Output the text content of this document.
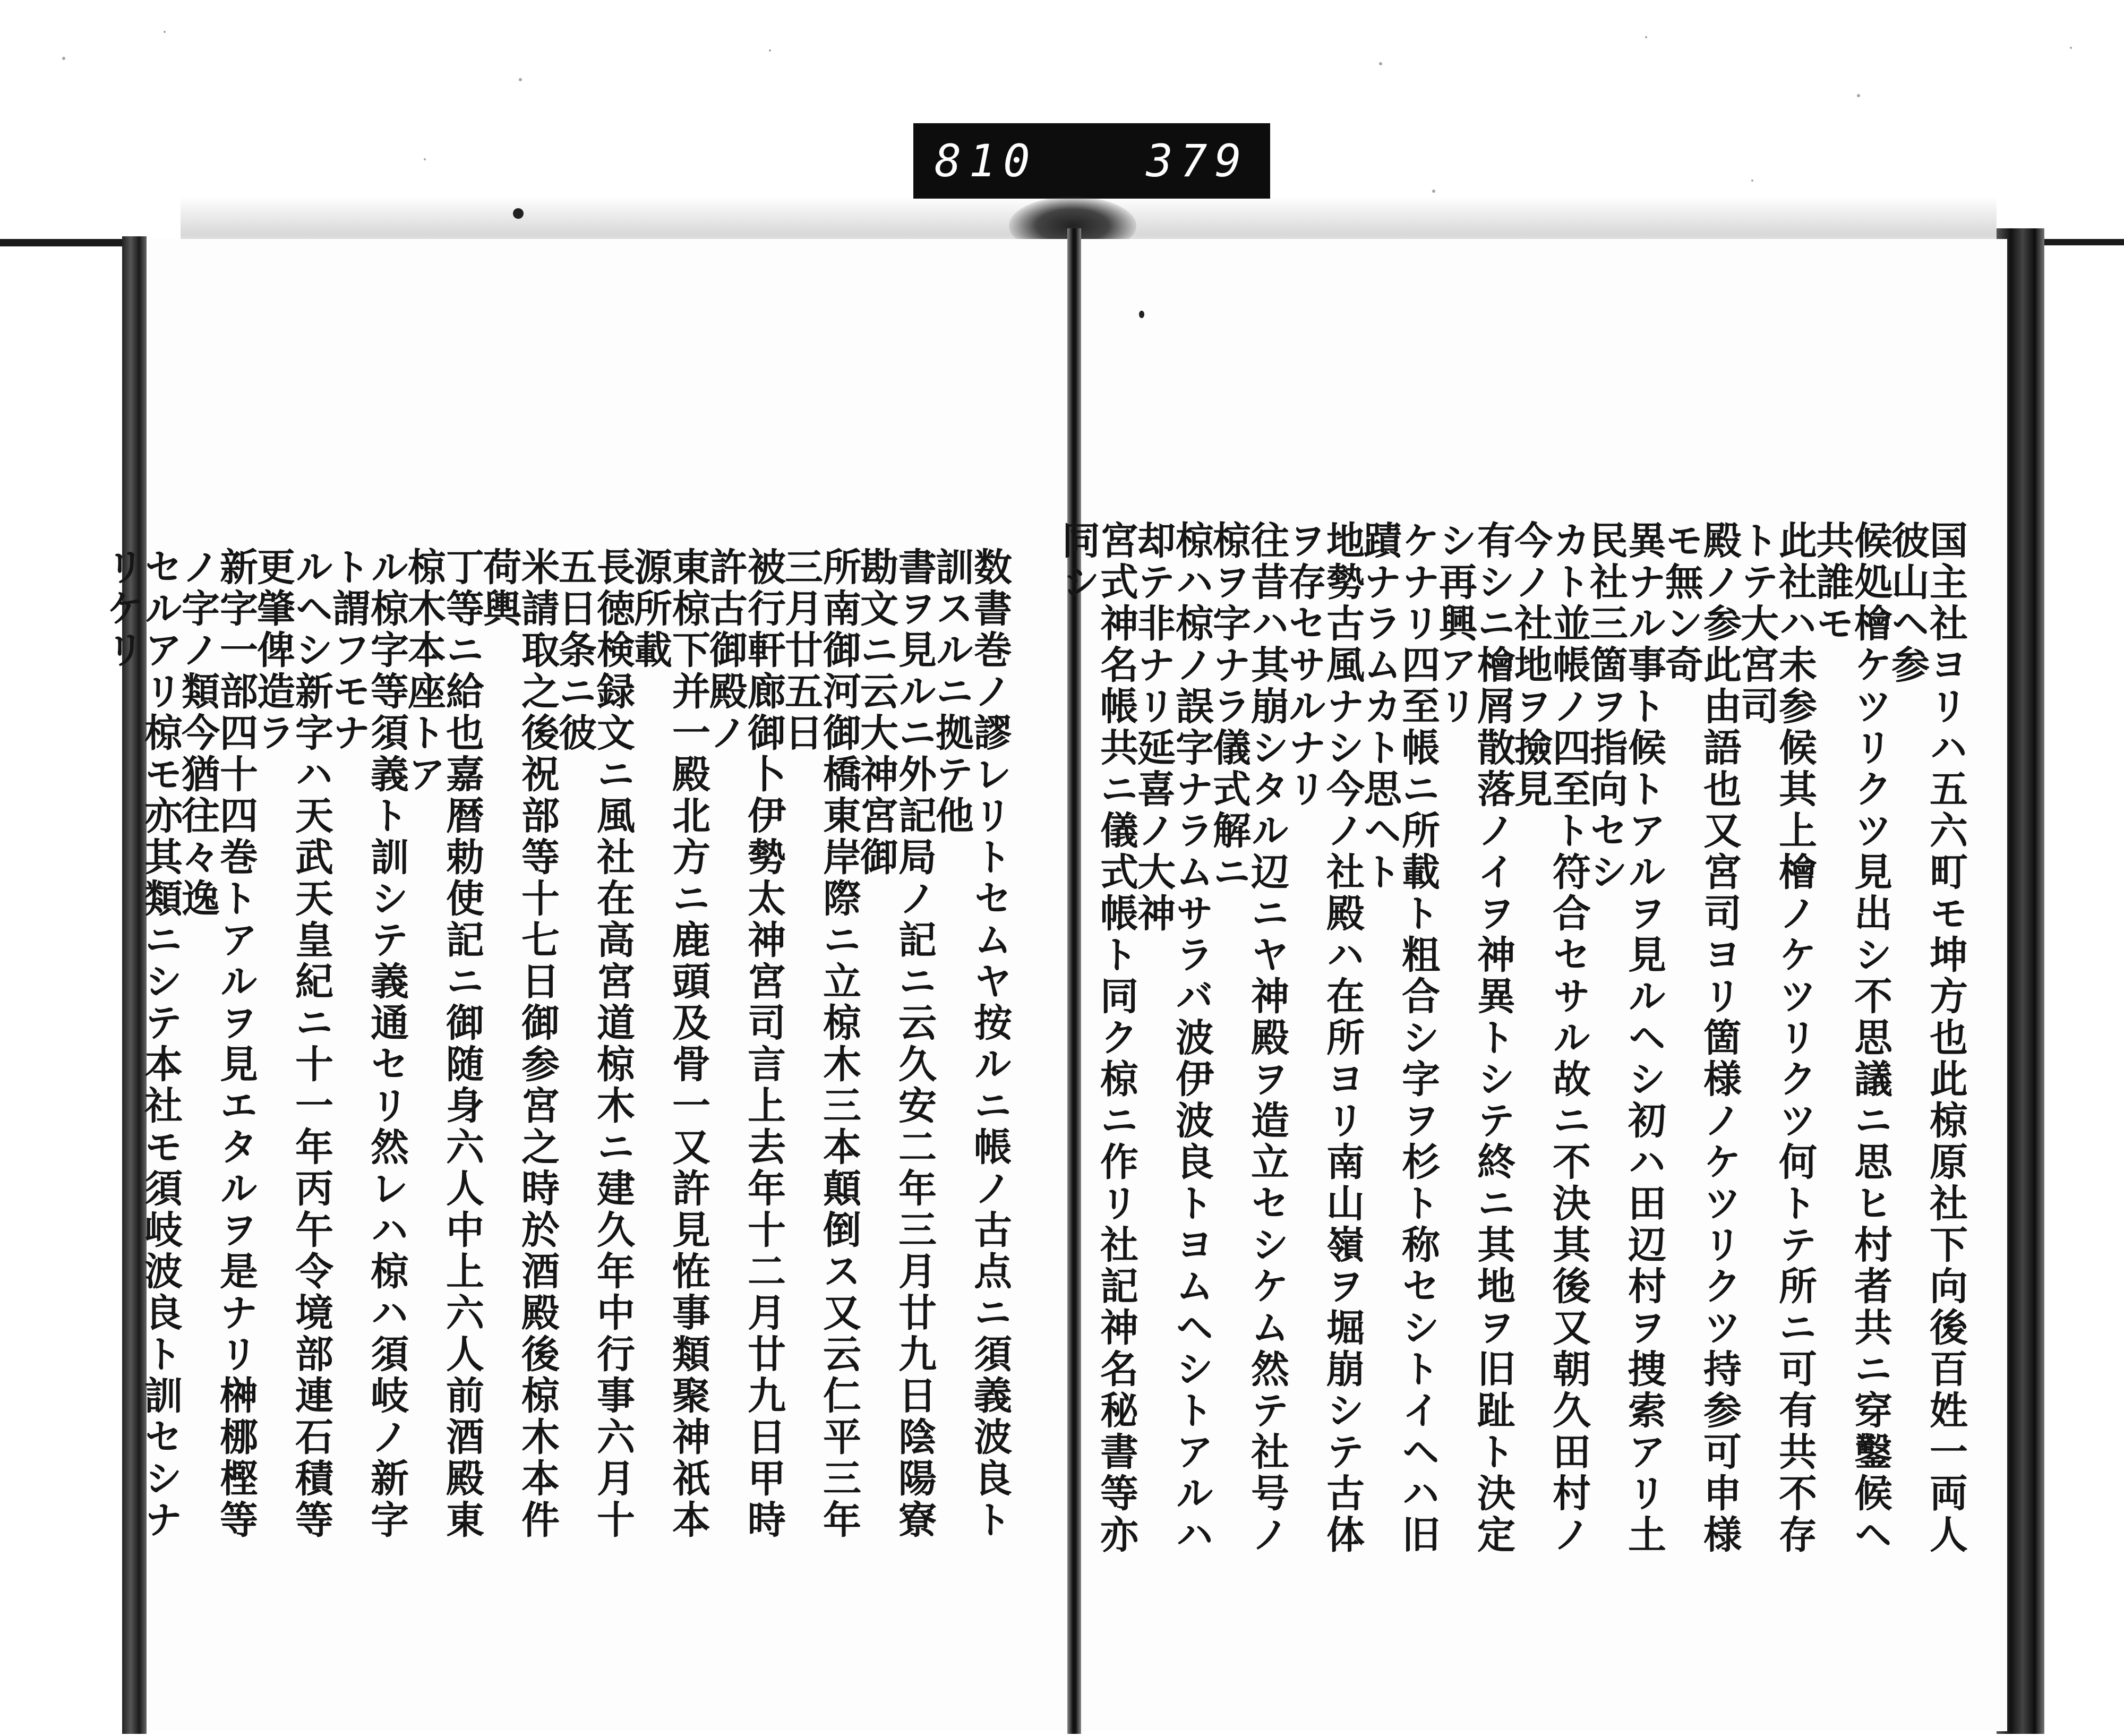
810 379
国主社ヨリハ五六町モ坤方也此椋原社下向後百姓一両人彼山ヘ参
候処檜ケツリクツ見出シ不思議ニ思ヒ村者共ニ穿鑿候ヘ共誰モ
此社ハ未参候其上檜ノケツリクツ何トテ所ニ可有共不存トテ大宮司
殿ノ参此由語也又宮司ヨリ箇様ノケツリクツ持参可申様モ無ン奇
異ナル事ト候トアルヲ見ルヘシ初ハ田辺村ヲ捜索アリ土民社三箇ヲ指向セシ
カト並帳ノ四至ト符合セサル故ニ不決其後又朝久田村ノ今ノ社地ヲ撿見
有シニ檜屑散落ノイヲ神異トシテ終ニ其地ヲ旧趾ト決定シ再興アリ
ケナリ四至帳ニ所載ト粗合シ字ヲ杉ト称セシトイヘハ旧蹟ナラムカト思ヘト
地勢古風ナシ今ノ社殿ハ在所ヨリ南山嶺ヲ堀崩シテ古体ヲ存セサルナリ
往昔ハ其崩シタル辺ニヤ神殿ヲ造立セシケム然テ社号ノ椋ヲ字ナラ儀式解ニ
椋ハ椋ノ誤字ナラムサラバ波伊波良トヨムヘシトアルハ却テ非ナリ延喜ノ大神
宮式神名帳共ニ儀式帳ト同ク椋ニ作リ社記神名秘書等亦同シ
数書巻ノ謬レリトセムヤ按ルニ帳ノ古点ニ須義波良ト訓スルニ拠テ他
書ヲ見ルニ外記局ノ記ニ云久安二年三月廿九日陰陽寮勘文ニ云大神宮御
所南御河御橋東岸際ニ立椋木三本顛倒ス又云仁平三年三月廿五日
被行軒廊御卜伊勢太神宮司言上去年十二月廿九日甲時許古御殿ノ
東椋下并一殿北方ニ鹿頭及骨一又許見恠事類聚神祇本源所載
長徳検録文ニ風社在高宮道椋木ニ建久年中行事六月十五日条ニ彼
米請取之後祝部等十七日御参宮之時於酒殿後椋木本件荷輿
丁等ニ給也嘉暦勅使記ニ御随身六人中上六人前酒殿東椋木本座トア
ル椋字等須義ト訓シテ義通セリ然レハ椋ハ須岐ノ新字ト謂フモナ
ルヘシ新字ハ天武天皇紀ニ十一年丙午令境部連石積等更肇俾造ラ
新字一部四十四巻トアルヲ見エタルヲ是ナリ榊梛樫等ノ字ノ類今猶往々逸
セルアリ椋モ亦其類ニシテ本社モ須岐波良ト訓セシナリケリ
